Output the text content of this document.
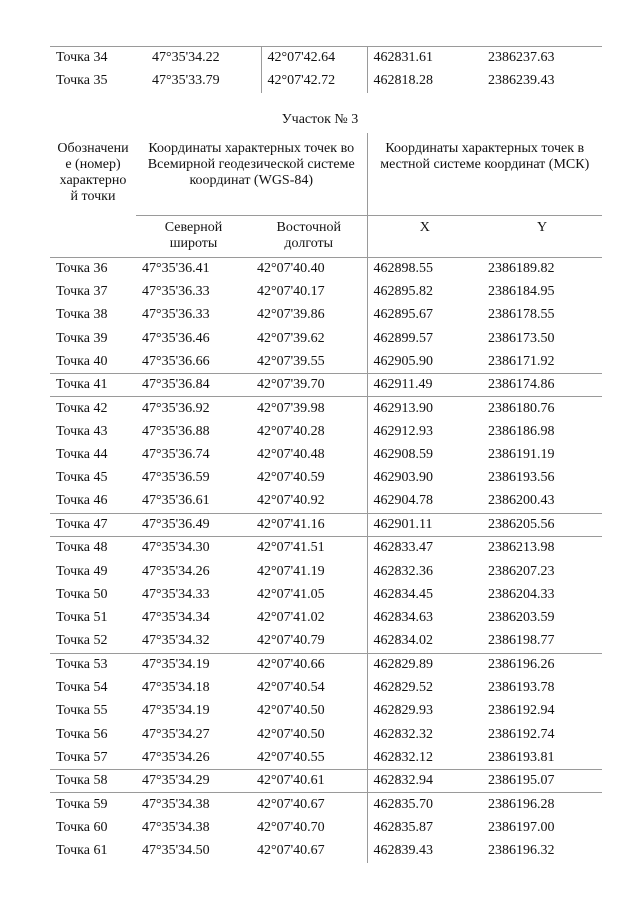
Точка 34	47°35'34.22	42°07'42.64	462831.61	2386237.63
Точка 35	47°35'33.79	42°07'42.72	462818.28	2386239.43
Участок № 3
Обозначени е (номер) характерно й точки	Координаты характерных точек во Всемирной геодезической системе координат (WGS-84)		Координаты характерных точек в местной системе координат (МСК)	
	Северной широты	Восточной долготы	X	Y
Точка 36	47°35'36.41	42°07'40.40	462898.55	2386189.82
Точка 37	47°35'36.33	42°07'40.17	462895.82	2386184.95
Точка 38	47°35'36.33	42°07'39.86	462895.67	2386178.55
Точка 39	47°35'36.46	42°07'39.62	462899.57	2386173.50
Точка 40	47°35'36.66	42°07'39.55	462905.90	2386171.92
Точка 41	47°35'36.84	42°07'39.70	462911.49	2386174.86
Точка 42	47°35'36.92	42°07'39.98	462913.90	2386180.76
Точка 43	47°35'36.88	42°07'40.28	462912.93	2386186.98
Точка 44	47°35'36.74	42°07'40.48	462908.59	2386191.19
Точка 45	47°35'36.59	42°07'40.59	462903.90	2386193.56
Точка 46	47°35'36.61	42°07'40.92	462904.78	2386200.43
Точка 47	47°35'36.49	42°07'41.16	462901.11	2386205.56
Точка 48	47°35'34.30	42°07'41.51	462833.47	2386213.98
Точка 49	47°35'34.26	42°07'41.19	462832.36	2386207.23
Точка 50	47°35'34.33	42°07'41.05	462834.45	2386204.33
Точка 51	47°35'34.34	42°07'41.02	462834.63	2386203.59
Точка 52	47°35'34.32	42°07'40.79	462834.02	2386198.77
Точка 53	47°35'34.19	42°07'40.66	462829.89	2386196.26
Точка 54	47°35'34.18	42°07'40.54	462829.52	2386193.78
Точка 55	47°35'34.19	42°07'40.50	462829.93	2386192.94
Точка 56	47°35'34.27	42°07'40.50	462832.32	2386192.74
Точка 57	47°35'34.26	42°07'40.55	462832.12	2386193.81
Точка 58	47°35'34.29	42°07'40.61	462832.94	2386195.07
Точка 59	47°35'34.38	42°07'40.67	462835.70	2386196.28
Точка 60	47°35'34.38	42°07'40.70	462835.87	2386197.00
Точка 61	47°35'34.50	42°07'40.67	462839.43	2386196.32
